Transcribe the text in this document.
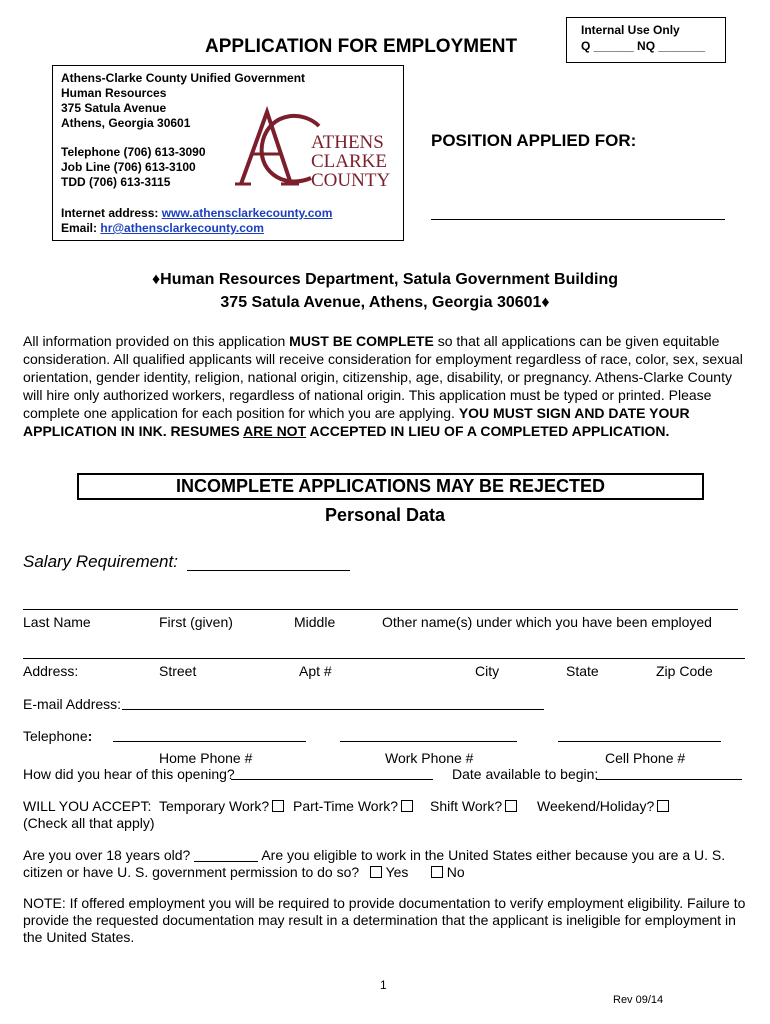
Internal Use Only
Q ______ NQ _______
APPLICATION FOR EMPLOYMENT
Athens-Clarke County Unified Government
Human Resources
375 Satula Avenue
Athens, Georgia 30601
Telephone (706) 613-3090
Job Line (706) 613-3100
TDD (706) 613-3115
Internet address: www.athensclarkecounty.com
Email: hr@athensclarkecounty.com
ATHENS
CLARKE
COUNTY
POSITION APPLIED FOR:
♦Human Resources Department, Satula Government Building
375 Satula Avenue, Athens, Georgia 30601♦
All information provided on this application MUST BE COMPLETE so that all applications can be given equitable consideration. All qualified applicants will receive consideration for employment regardless of race, color, sex, sexual orientation, gender identity, religion, national origin, citizenship, age, disability, or pregnancy. Athens-Clarke County will hire only authorized workers, regardless of national origin. This application must be typed or printed. Please complete one application for each position for which you are applying. YOU MUST SIGN AND DATE YOUR APPLICATION IN INK. RESUMES ARE NOT ACCEPTED IN LIEU OF A COMPLETED APPLICATION.
INCOMPLETE APPLICATIONS MAY BE REJECTED
Personal Data
Salary Requirement:
Last Name	First (given)	Middle	Other name(s) under which you have been employed
Address:	Street	Apt #	City	State	Zip Code
E-mail Address:
Telephone:
Home Phone #	Work Phone #	Cell Phone #
How did you hear of this opening?	Date available to begin:
WILL YOU ACCEPT: Temporary Work?	Part-Time Work?	Shift Work?	Weekend/Holiday?
(Check all that apply)
Are you over 18 years old?	Are you eligible to work in the United States either because you are a U. S.
citizen or have U. S. government permission to do so? Yes	No
NOTE: If offered employment you will be required to provide documentation to verify employment eligibility. Failure to provide the requested documentation may result in a determination that the applicant is ineligible for employment in the United States.
1
Rev 09/14
